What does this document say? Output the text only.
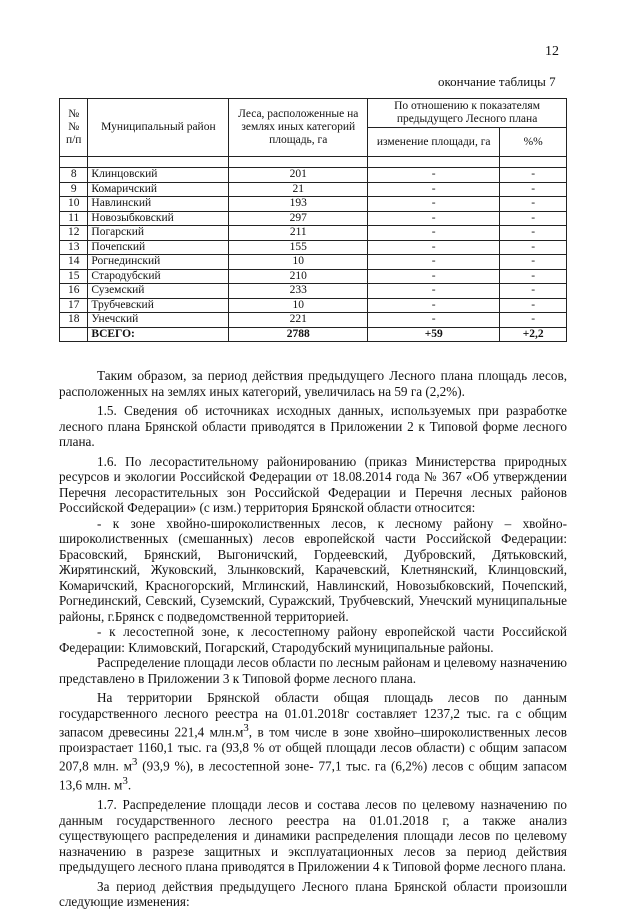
12
окончание таблицы 7
№№ п/п	Муниципальный район	Леса, расположенные на землях иных категорий площадь, га	По отношению к показателям предыдущего Лесного плана	
			изменение площади, га	%%

8	Клинцовский	201	-	-
9	Комаричский	21	-	-
10	Навлинский	193	-	-
11	Новозыбковский	297	-	-
12	Погарский	211	-	-
13	Почепский	155	-	-
14	Рогнединский	10	-	-
15	Стародубский	210	-	-
16	Суземский	233	-	-
17	Трубчевский	10	-	-
18	Унечский	221	-	-
	ВСЕГО:	2788	+59	+2,2

Таким образом, за период действия предыдущего Лесного плана площадь лесов, расположенных на землях иных категорий, увеличилась на 59 га (2,2%).

1.5. Сведения об источниках исходных данных, используемых при разработке лесного плана Брянской области приводятся в Приложении 2 к Типовой форме лесного плана.

1.6. По лесорастительному районированию (приказ Министерства природных ресурсов и экологии Российской Федерации от 18.08.2014 года № 367 «Об утверждении Перечня лесорастительных зон Российской Федерации и Перечня лесных районов Российской Федерации» (с изм.) территория Брянской области относится:

- к зоне хвойно-широколиственных лесов, к лесному району – хвойно-широколиственных (смешанных) лесов европейской части Российской Федерации: Брасовский, Брянский, Выгоничский, Гордеевский, Дубровский, Дятьковский, Жирятинский, Жуковский, Злынковский, Карачевский, Клетнянский, Клинцовский, Комаричский, Красногорский, Мглинский, Навлинский, Новозыбковский, Почепский, Рогнединский, Севский, Суземский, Суражский, Трубчевский, Унечский муниципальные районы, г.Брянск с подведомственной территорией.

- к лесостепной зоне, к лесостепному району европейской части Российской Федерации: Климовский, Погарский, Стародубский муниципальные районы.

Распределение площади лесов области по лесным районам и целевому назначению представлено в Приложении 3 к Типовой форме лесного плана.

На территории Брянской области общая площадь лесов по данным государственного лесного реестра на 01.01.2018г составляет 1237,2 тыс. га с общим запасом древесины 221,4 $млн.м^3$, в том числе в зоне хвойно–широколиственных лесов произрастает 1160,1 тыс. га (93,8 % от общей площади лесов области) с общим запасом 207,8 млн. $м^3$ (93,9 %), в лесостепной зоне- 77,1 тыс. га (6,2%) лесов с общим запасом 13,6 млн. $м^3$.

1.7. Распределение площади лесов и состава лесов по целевому назначению по данным государственного лесного реестра на 01.01.2018 г, а также анализ существующего распределения и динамики распределения площади лесов по целевому назначению в разрезе защитных и эксплуатационных лесов за период действия предыдущего лесного плана приводятся в Приложении 4 к Типовой форме лесного плана.

За период действия предыдущего Лесного плана Брянской области произошли следующие изменения:
